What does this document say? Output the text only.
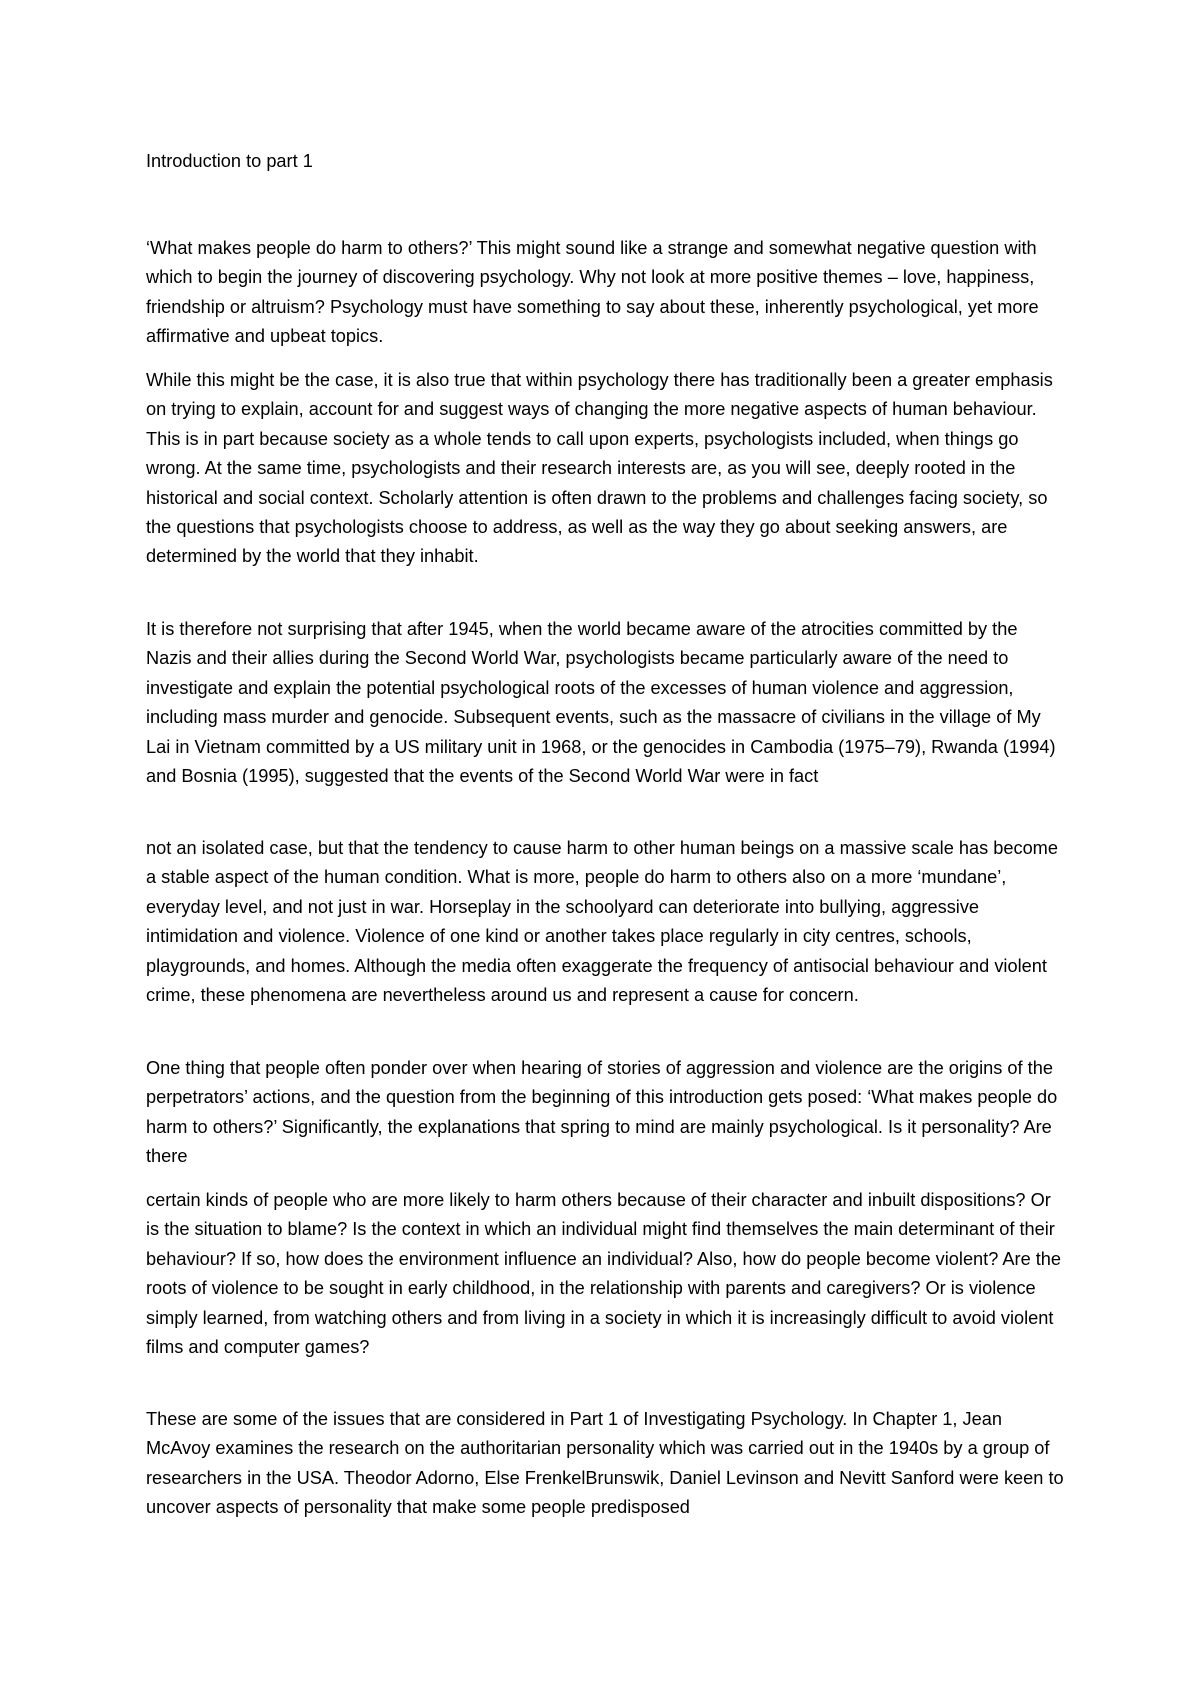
Introduction to part 1

‘What makes people do harm to others?’ This might sound like a strange and somewhat negative question with which to begin the journey of discovering psychology. Why not look at more positive themes – love, happiness, friendship or altruism? Psychology must have something to say about these, inherently psychological, yet more affirmative and upbeat topics.

While this might be the case, it is also true that within psychology there has traditionally been a greater emphasis on trying to explain, account for and suggest ways of changing the more negative aspects of human behaviour. This is in part because society as a whole tends to call upon experts, psychologists included, when things go wrong. At the same time, psychologists and their research interests are, as you will see, deeply rooted in the historical and social context. Scholarly attention is often drawn to the problems and challenges facing society, so the questions that psychologists choose to address, as well as the way they go about seeking answers, are determined by the world that they inhabit.

It is therefore not surprising that after 1945, when the world became aware of the atrocities committed by the Nazis and their allies during the Second World War, psychologists became particularly aware of the need to investigate and explain the potential psychological roots of the excesses of human violence and aggression, including mass murder and genocide. Subsequent events, such as the massacre of civilians in the village of My Lai in Vietnam committed by a US military unit in 1968, or the genocides in Cambodia (1975–79), Rwanda (1994) and Bosnia (1995), suggested that the events of the Second World War were in fact

not an isolated case, but that the tendency to cause harm to other human beings on a massive scale has become a stable aspect of the human condition. What is more, people do harm to others also on a more ‘mundane’, everyday level, and not just in war. Horseplay in the schoolyard can deteriorate into bullying, aggressive intimidation and violence. Violence of one kind or another takes place regularly in city centres, schools, playgrounds, and homes. Although the media often exaggerate the frequency of antisocial behaviour and violent crime, these phenomena are nevertheless around us and represent a cause for concern.

One thing that people often ponder over when hearing of stories of aggression and violence are the origins of the perpetrators’ actions, and the question from the beginning of this introduction gets posed: ‘What makes people do harm to others?’ Significantly, the explanations that spring to mind are mainly psychological. Is it personality? Are there

certain kinds of people who are more likely to harm others because of their character and inbuilt dispositions? Or is the situation to blame? Is the context in which an individual might find themselves the main determinant of their behaviour? If so, how does the environment influence an individual? Also, how do people become violent? Are the roots of violence to be sought in early childhood, in the relationship with parents and caregivers? Or is violence simply learned, from watching others and from living in a society in which it is increasingly difficult to avoid violent films and computer games?

These are some of the issues that are considered in Part 1 of Investigating Psychology. In Chapter 1, Jean McAvoy examines the research on the authoritarian personality which was carried out in the 1940s by a group of researchers in the USA. Theodor Adorno, Else FrenkelBrunswik, Daniel Levinson and Nevitt Sanford were keen to uncover aspects of personality that make some people predisposed
